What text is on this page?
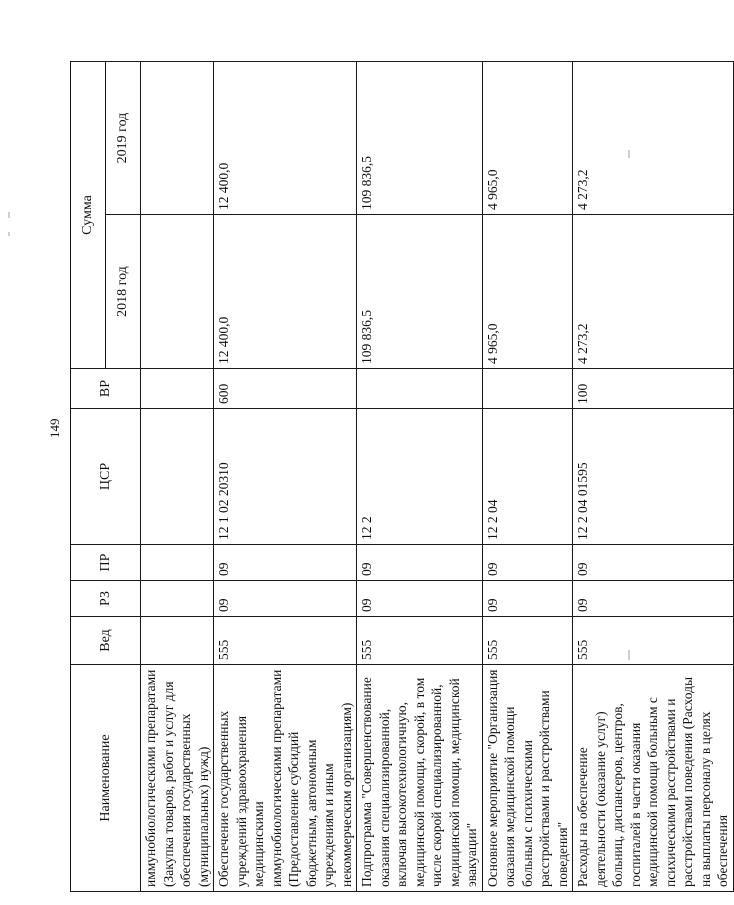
149
Наименование	Вед	РЗ	ПР	ЦСР	ВР	Сумма	
						2018 год	2019 год
иммунобиологическими препаратами (Закупка товаров, работ и услуг для обеспечения государственных (муниципальных) нужд)							
Обеспечение государственных учреждений здравоохранения медицинскими иммунобиологическими препаратами (Предоставление субсидий бюджетным, автономным учреждениям и иным некоммерческим организациям)	555	09	09	12 1 02 20310	600	12 400,0	12 400,0
Подпрограмма "Совершенствование оказания специализированной, включая высокотехнологичную, медицинской помощи, скорой, в том числе скорой специализированной, медицинской помощи, медицинской эвакуации"	555	09	09	12 2		109 836,5	109 836,5
Основное мероприятие "Организация оказания медицинской помощи больным с психическими расстройствами и расстройствами поведения"	555	09	09	12 2 04		4 965,0	4 965,0
Расходы на обеспечение деятельности (оказание услуг) больниц, диспансеров, центров, госпиталей в части оказания медицинской помощи больным с психическими расстройствами и расстройствами поведения (Расходы на выплаты персоналу в целях обеспечения	555	09	09	12 2 04 01595	100	4 273,2	4 273,2
